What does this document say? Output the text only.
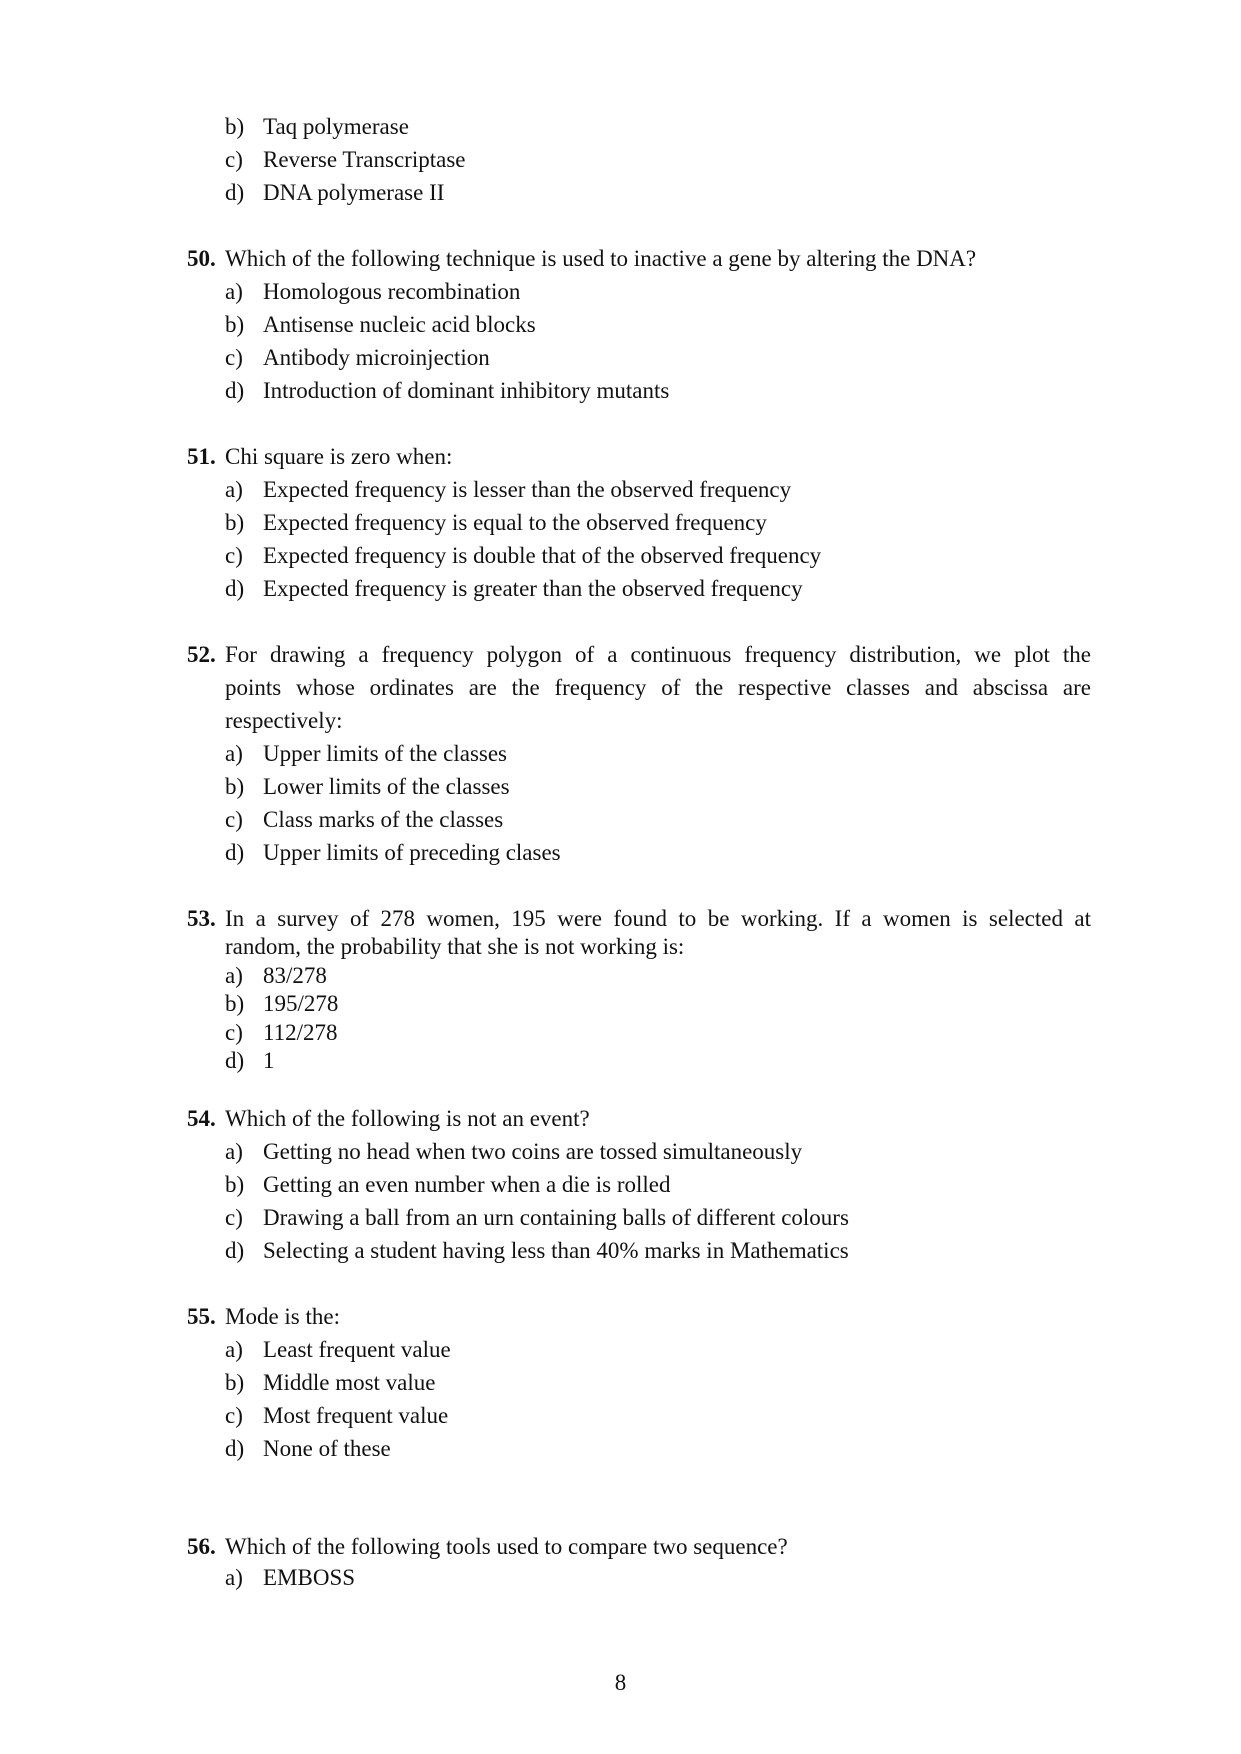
b) Taq polymerase
c) Reverse Transcriptase
d) DNA polymerase II
50. Which of the following technique is used to inactive a gene by altering the DNA?
a) Homologous recombination
b) Antisense nucleic acid blocks
c) Antibody microinjection
d) Introduction of dominant inhibitory mutants
51. Chi square is zero when:
a) Expected frequency is lesser than the observed frequency
b) Expected frequency is equal to the observed frequency
c) Expected frequency is double that of the observed frequency
d) Expected frequency is greater than the observed frequency
52. For drawing a frequency polygon of a continuous frequency distribution, we plot the
points whose ordinates are the frequency of the respective classes and abscissa are
respectively:
a) Upper limits of the classes
b) Lower limits of the classes
c) Class marks of the classes
d) Upper limits of preceding clases
53. In a survey of 278 women, 195 were found to be working. If a women is selected at
random, the probability that she is not working is:
a) 83/278
b) 195/278
c) 112/278
d) 1
54. Which of the following is not an event?
a) Getting no head when two coins are tossed simultaneously
b) Getting an even number when a die is rolled
c) Drawing a ball from an urn containing balls of different colours
d) Selecting a student having less than 40% marks in Mathematics
55. Mode is the:
a) Least frequent value
b) Middle most value
c) Most frequent value
d) None of these
56. Which of the following tools used to compare two sequence?
a) EMBOSS
8
